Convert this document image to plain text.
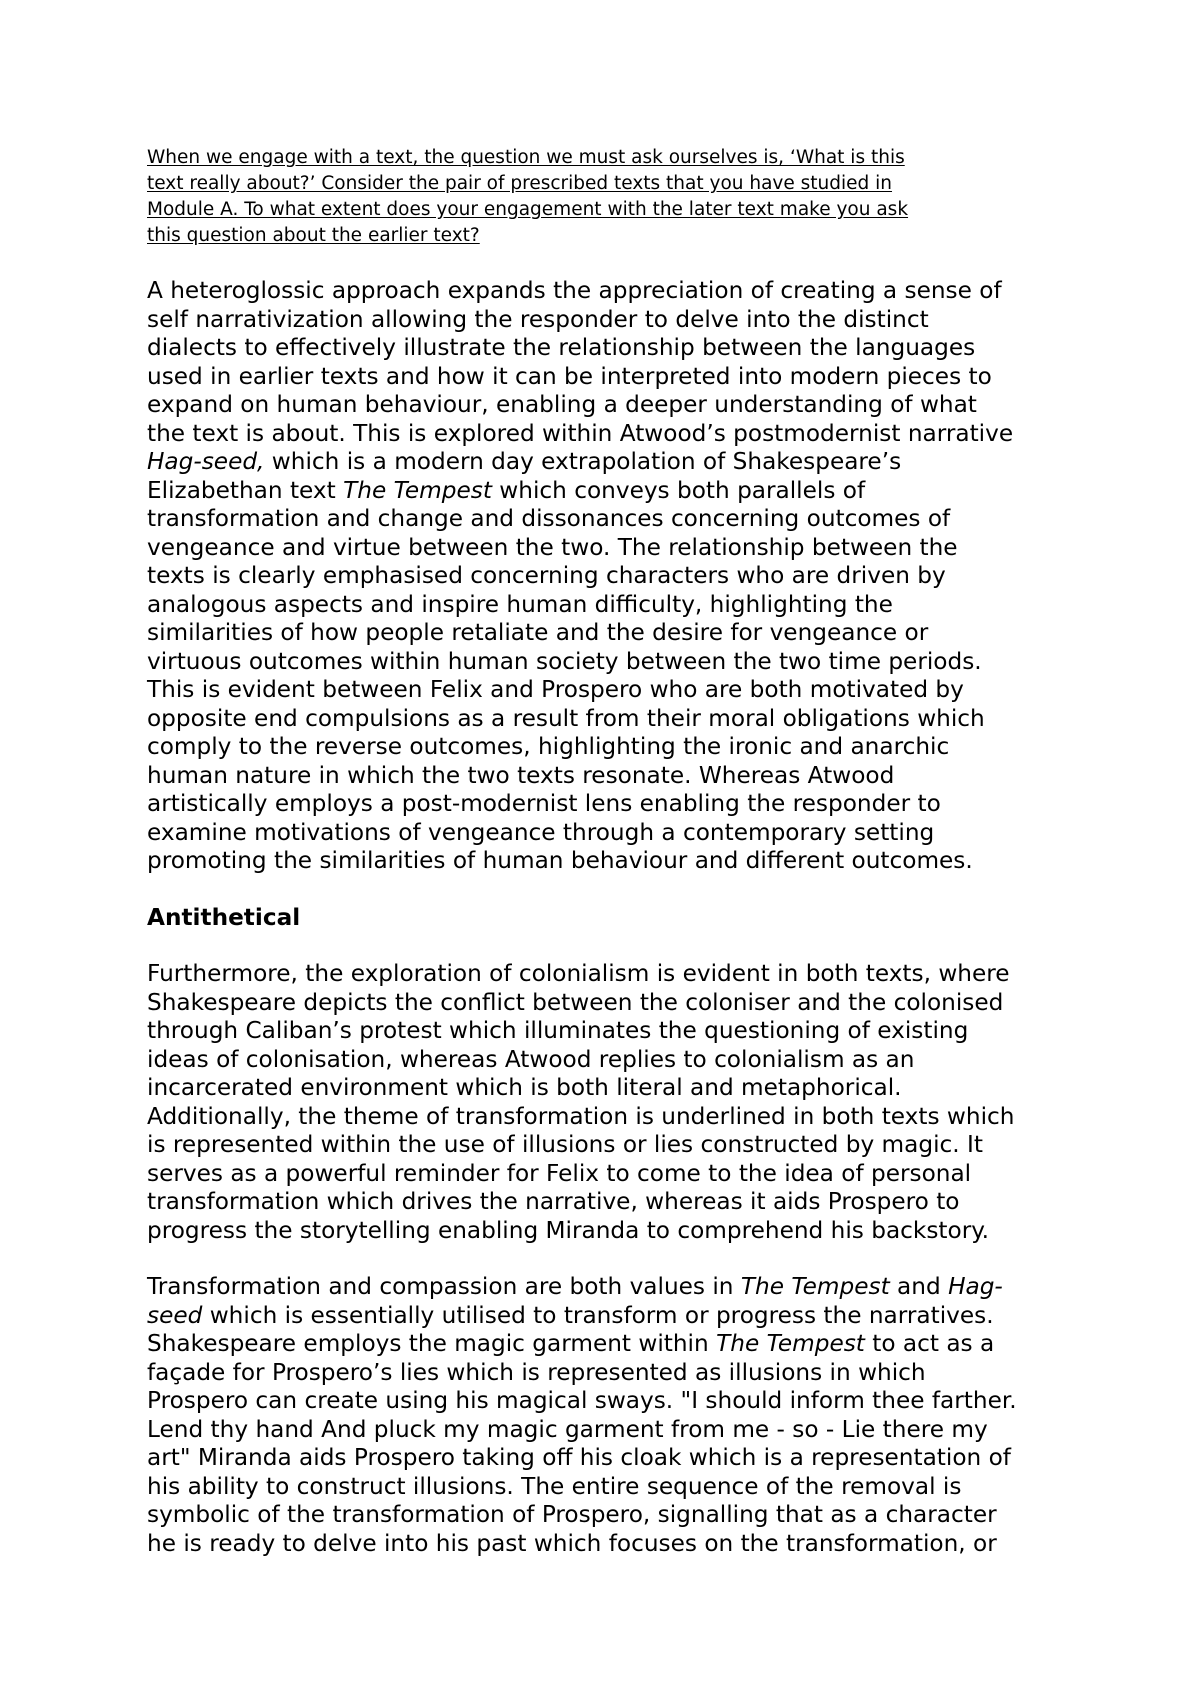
When we engage with a text, the question we must ask ourselves is, ‘What is this
text really about?’ Consider the pair of prescribed texts that you have studied in
Module A. To what extent does your engagement with the later text make you ask
this question about the earlier text?
A heteroglossic approach expands the appreciation of creating a sense of
self narrativization allowing the responder to delve into the distinct
dialects to effectively illustrate the relationship between the languages
used in earlier texts and how it can be interpreted into modern pieces to
expand on human behaviour, enabling a deeper understanding of what
the text is about. This is explored within Atwood’s postmodernist narrative
Hag-seed, which is a modern day extrapolation of Shakespeare’s
Elizabethan text The Tempest which conveys both parallels of
transformation and change and dissonances concerning outcomes of
vengeance and virtue between the two. The relationship between the
texts is clearly emphasised concerning characters who are driven by
analogous aspects and inspire human difficulty, highlighting the
similarities of how people retaliate and the desire for vengeance or
virtuous outcomes within human society between the two time periods.
This is evident between Felix and Prospero who are both motivated by
opposite end compulsions as a result from their moral obligations which
comply to the reverse outcomes, highlighting the ironic and anarchic
human nature in which the two texts resonate. Whereas Atwood
artistically employs a post-modernist lens enabling the responder to
examine motivations of vengeance through a contemporary setting
promoting the similarities of human behaviour and different outcomes.
Antithetical
Furthermore, the exploration of colonialism is evident in both texts, where
Shakespeare depicts the conflict between the coloniser and the colonised
through Caliban’s protest which illuminates the questioning of existing
ideas of colonisation, whereas Atwood replies to colonialism as an
incarcerated environment which is both literal and metaphorical.
Additionally, the theme of transformation is underlined in both texts which
is represented within the use of illusions or lies constructed by magic. It
serves as a powerful reminder for Felix to come to the idea of personal
transformation which drives the narrative, whereas it aids Prospero to
progress the storytelling enabling Miranda to comprehend his backstory.
Transformation and compassion are both values in The Tempest and Hag-
seed which is essentially utilised to transform or progress the narratives.
Shakespeare employs the magic garment within The Tempest to act as a
façade for Prospero’s lies which is represented as illusions in which
Prospero can create using his magical sways. "I should inform thee farther.
Lend thy hand And pluck my magic garment from me - so - Lie there my
art" Miranda aids Prospero taking off his cloak which is a representation of
his ability to construct illusions. The entire sequence of the removal is
symbolic of the transformation of Prospero, signalling that as a character
he is ready to delve into his past which focuses on the transformation, or
